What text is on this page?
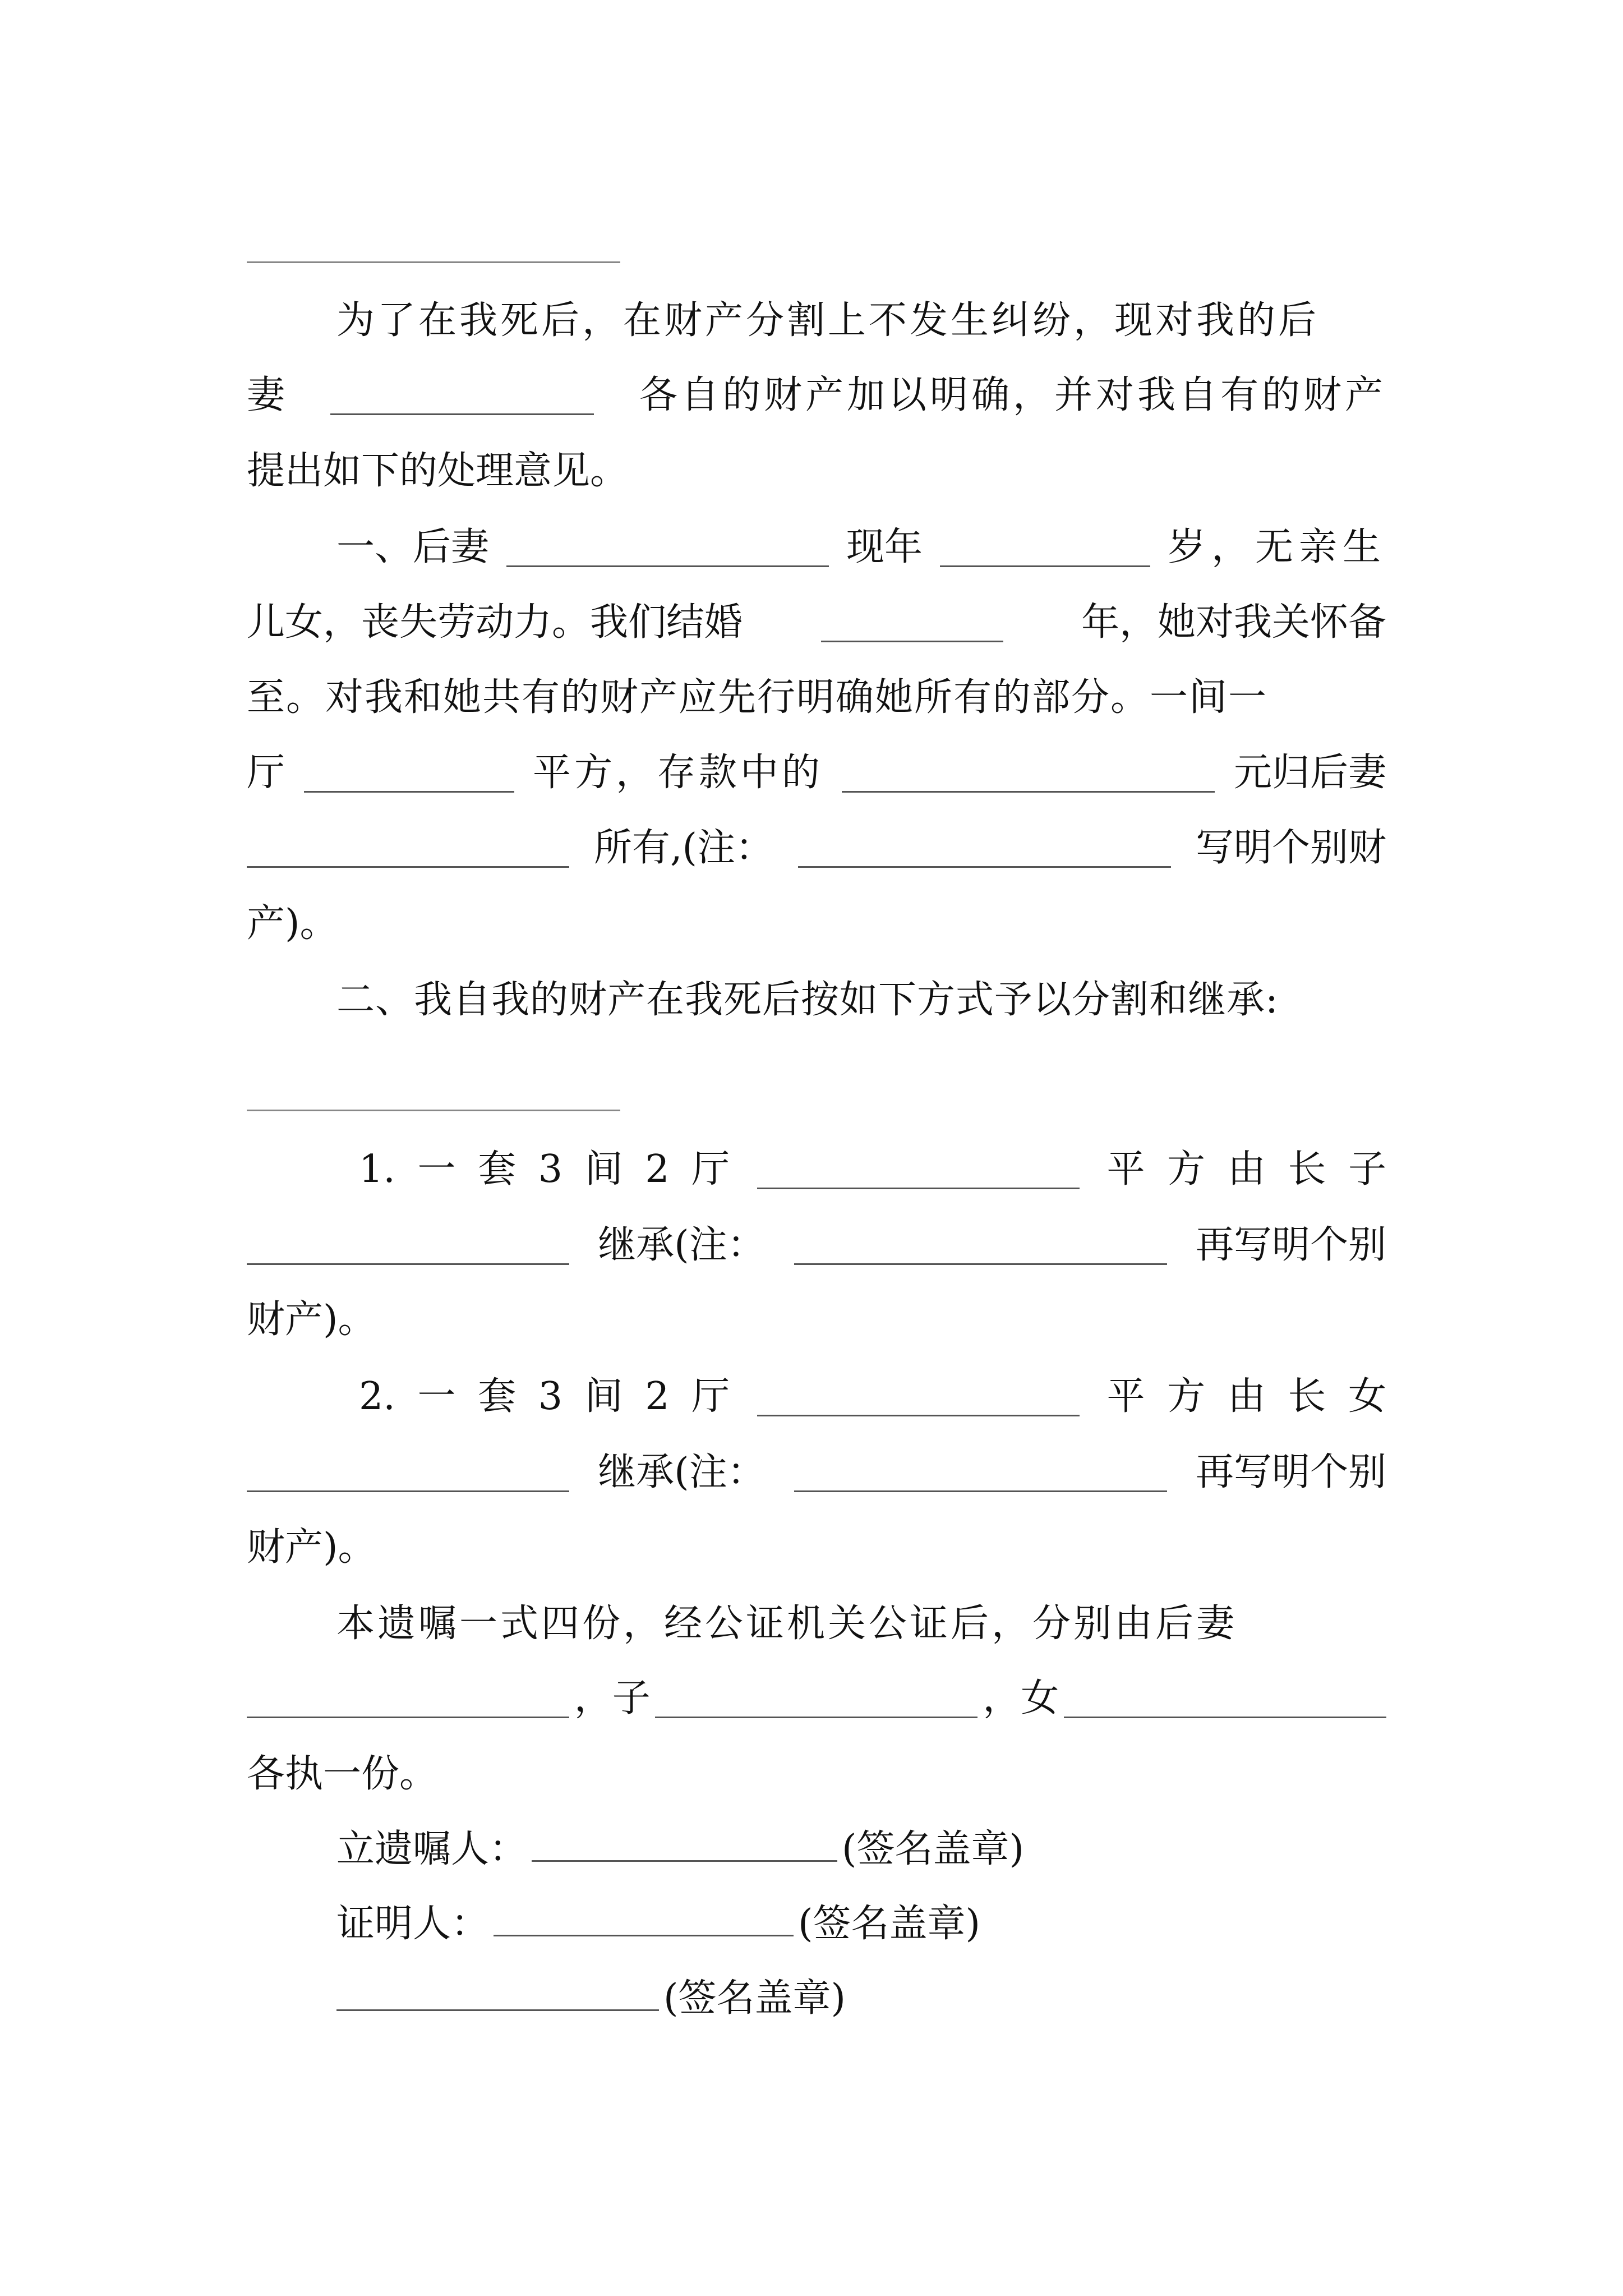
为了在我死后，在财产分割上不发生纠纷，现对我的后
妻	各自的财产加以明确，并对我自有的财产
提出如下的处理意见。
一、后妻	现年	岁，无亲生
儿女，丧失劳动力。我们结婚	年，她对我关怀备
至。对我和她共有的财产应先行明确她所有的部分。一间一
厅	平方，存款中的	元归后妻
所有,(注：	写明个别财
产)。
二、我自我的财产在我死后按如下方式予以分割和继承:
1. 一 套 3 间 2 厅	平 方 由 长 子
继承(注：	再写明个别
财产)。
2. 一 套 3 间 2 厅	平 方 由 长 女
继承(注：	再写明个别
财产)。
本遗嘱一式四份，经公证机关公证后，分别由后妻
，子	，女
各执一份。
立遗嘱人：	(签名盖章)
证明人：	(签名盖章)
(签名盖章)
